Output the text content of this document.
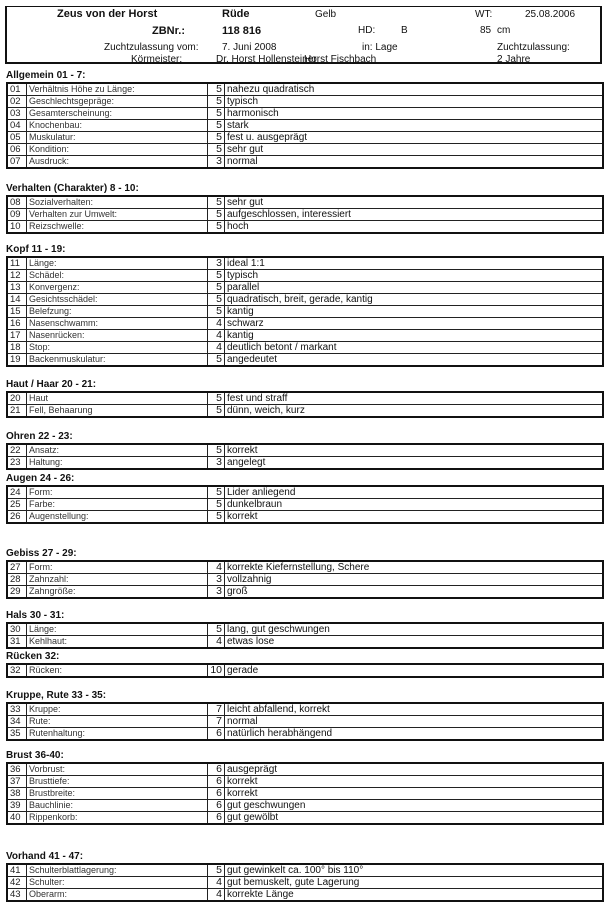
Zeus von der Horst	Rüde	Gelb	WT:	25.08.2006
ZBNr.:	118 816	HD:	B	85 cm
Zuchtzulassung vom: 7. Juni 2008	in: Lage	Zuchtzulassung:
Körmeister:	Dr. Horst Hollensteiner
Horst Fischbach	2 Jahre
Allgemein 01 - 7:
01	Verhältnis Höhe zu Länge:	5	nahezu quadratisch
02	Geschlechtsgepräge:	5	typisch
03	Gesamterscheinung:	5	harmonisch
04	Knochenbau:	5	stark
05	Muskulatur:	5	fest u. ausgeprägt
06	Kondition:	5	sehr gut
07	Ausdruck:	3	normal
Verhalten (Charakter) 8 - 10:
08	Sozialverhalten:	5	sehr gut
09	Verhalten zur Umwelt:	5	aufgeschlossen, interessiert
10	Reizschwelle:	5	hoch
Kopf 11 - 19:
11	Länge:	3	ideal 1:1
12	Schädel:	5	typisch
13	Konvergenz:	5	parallel
14	Gesichtsschädel:	5	quadratisch, breit, gerade, kantig
15	Belefzung:	5	kantig
16	Nasenschwamm:	4	schwarz
17	Nasenrücken:	4	kantig
18	Stop:	4	deutlich betont / markant
19	Backenmuskulatur:	5	angedeutet
Haut / Haar 20 - 21:
20	Haut	5	fest und straff
21	Fell, Behaarung	5	dünn, weich, kurz
Ohren 22 - 23:
22	Ansatz:	5	korrekt
23	Haltung:	3	angelegt
Augen 24 - 26:
24	Form:	5	Lider anliegend
25	Farbe:	5	dunkelbraun
26	Augenstellung:	5	korrekt
Gebiss 27 - 29:
27	Form:	4	korrekte Kiefernstellung, Schere
28	Zahnzahl:	3	vollzahnig
29	Zahngröße:	3	groß
Hals 30 - 31:
30	Länge:	5	lang, gut geschwungen
31	Kehlhaut:	4	etwas lose
Rücken 32:
32	Rücken:	10	gerade
Kruppe, Rute 33 - 35:
33	Kruppe:	7	leicht abfallend, korrekt
34	Rute:	7	normal
35	Rutenhaltung:	6	natürlich herabhängend
Brust 36-40:
36	Vorbrust:	6	ausgeprägt
37	Brusttiefe:	6	korrekt
38	Brustbreite:	6	korrekt
39	Bauchlinie:	6	gut geschwungen
40	Rippenkorb:	6	gut gewölbt
Vorhand 41 - 47:
41	Schulterblattlagerung:	5	gut gewinkelt ca. 100° bis 110°
42	Schulter:	4	gut bemuskelt, gute Lagerung
43	Oberarm:	4	korrekte Länge
